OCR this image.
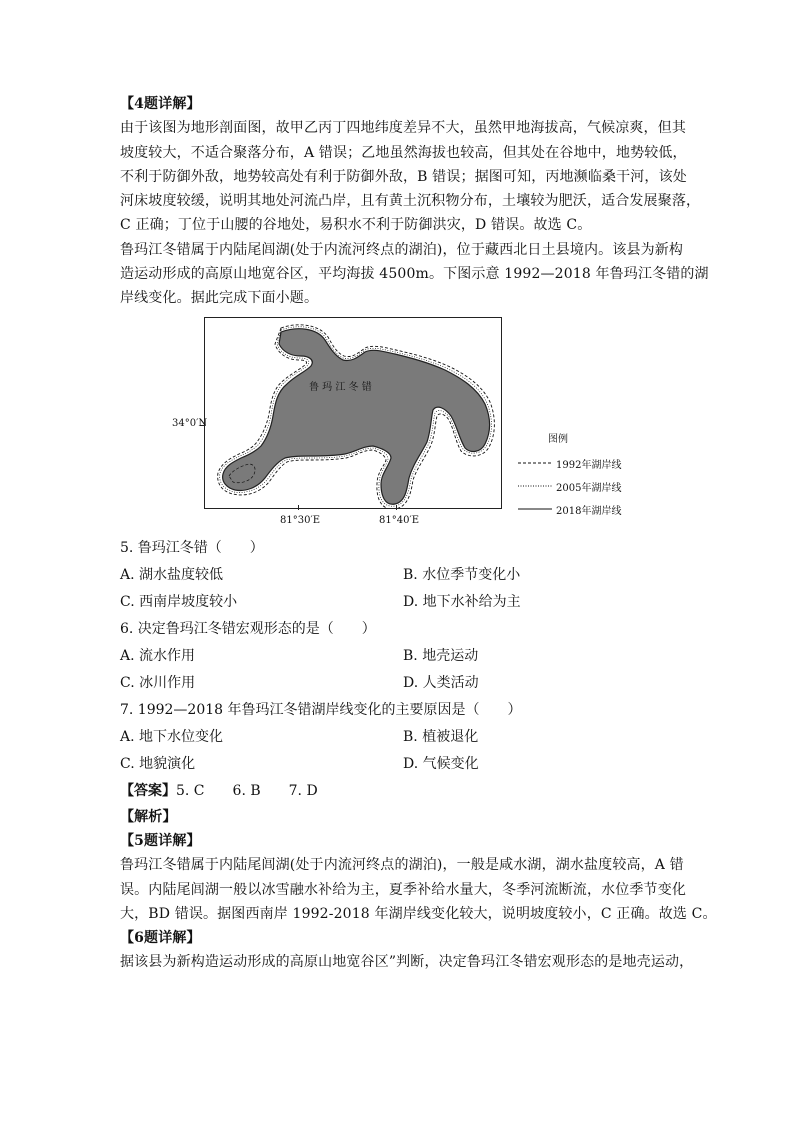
【4题详解】
由于该图为地形剖面图，故甲乙丙丁四地纬度差异不大，虽然甲地海拔高，气候凉爽，但其
坡度较大，不适合聚落分布，A 错误；乙地虽然海拔也较高，但其处在谷地中，地势较低，
不利于防御外敌，地势较高处有利于防御外敌，B 错误；据图可知，丙地濒临桑干河，该处
河床坡度较缓，说明其地处河流凸岸，且有黄土沉积物分布，土壤较为肥沃，适合发展聚落，
C 正确；丁位于山腰的谷地处，易积水不利于防御洪灾，D 错误。故选 C。
鲁玛江冬错属于内陆尾闾湖(处于内流河终点的湖泊)，位于藏西北日土县境内。该县为新构
造运动形成的高原山地宽谷区，平均海拔 4500m。下图示意 1992—2018 年鲁玛江冬错的湖
岸线变化。据此完成下面小题。
鲁 玛 江 冬 错
34°0′N
81°30′E	81°40′E
图例
1992年湖岸线
2005年湖岸线
2018年湖岸线
5. 鲁玛江冬错（　　）
A. 湖水盐度较低	B. 水位季节变化小
C. 西南岸坡度较小	D. 地下水补给为主
6. 决定鲁玛江冬错宏观形态的是（　　）
A. 流水作用	B. 地壳运动
C. 冰川作用	D. 人类活动
7. 1992—2018 年鲁玛江冬错湖岸线变化的主要原因是（　　）
A. 地下水位变化	B. 植被退化
C. 地貌演化	D. 气候变化
【答案】5. C 6. B 7. D
【解析】
【5题详解】
鲁玛江冬错属于内陆尾闾湖(处于内流河终点的湖泊)，一般是咸水湖，湖水盐度较高，A 错
误。内陆尾闾湖一般以冰雪融水补给为主，夏季补给水量大，冬季河流断流，水位季节变化
大，BD 错误。据图西南岸 1992-2018 年湖岸线变化较大，说明坡度较小，C 正确。故选 C。
【6题详解】
据该县为新构造运动形成的高原山地宽谷区”判断，决定鲁玛江冬错宏观形态的是地壳运动，
